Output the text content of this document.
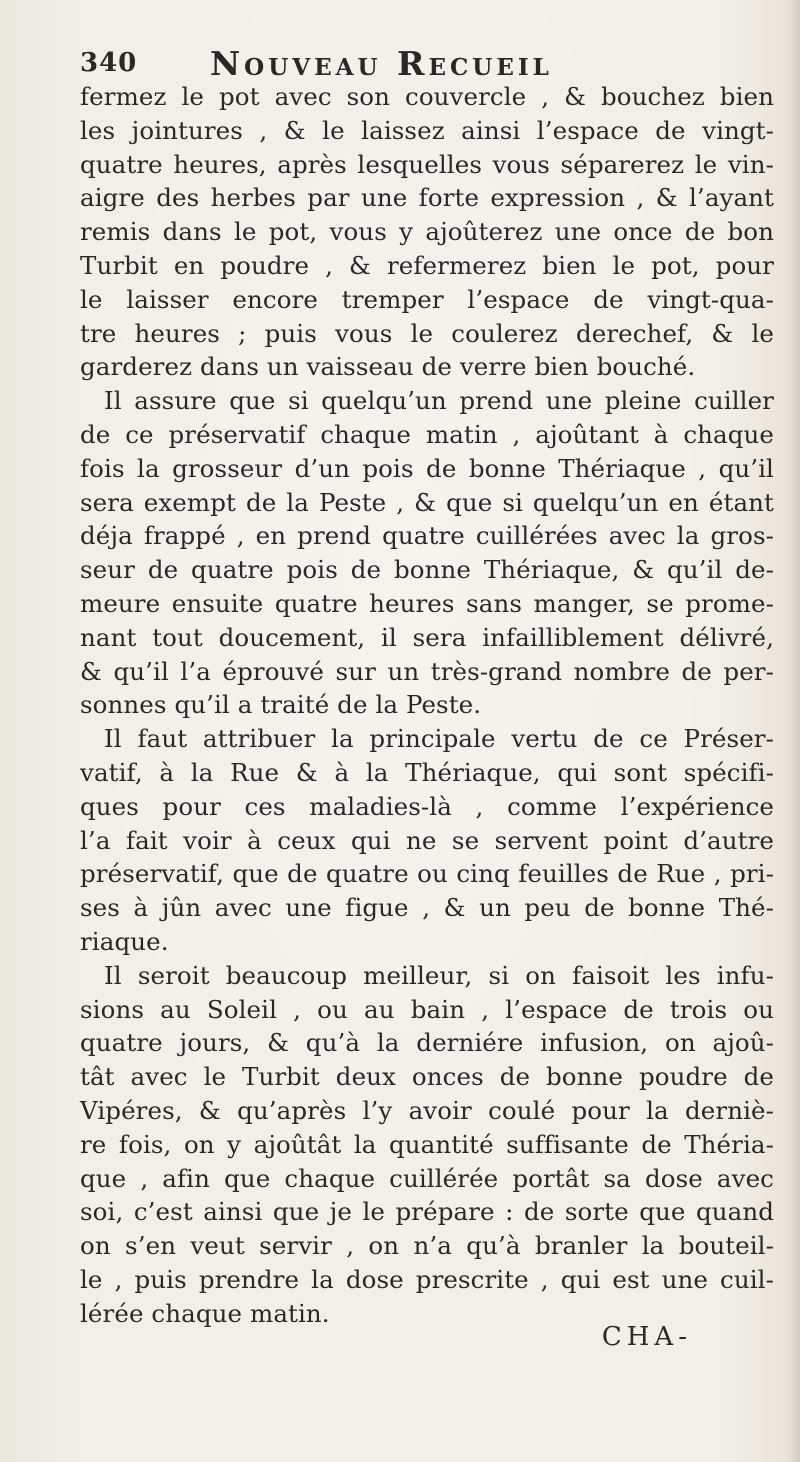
340 Nouveau Recueil
fermez le pot avec son couvercle , & bouchez bien
les jointures , & le laissez ainsi l’espace de vingt-
quatre heures, après lesquelles vous séparerez le vin-
aigre des herbes par une forte expression , & l’ayant
remis dans le pot, vous y ajoûterez une once de bon
Turbit en poudre , & refermerez bien le pot, pour
le laisser encore tremper l’espace de vingt-qua-
tre heures ; puis vous le coulerez derechef, & le
garderez dans un vaisseau de verre bien bouché.
Il assure que si quelqu’un prend une pleine cuiller
de ce préservatif chaque matin , ajoûtant à chaque
fois la grosseur d’un pois de bonne Thériaque , qu’il
sera exempt de la Peste , & que si quelqu’un en étant
déja frappé , en prend quatre cuillérées avec la gros-
seur de quatre pois de bonne Thériaque, & qu’il de-
meure ensuite quatre heures sans manger, se prome-
nant tout doucement, il sera infailliblement délivré,
& qu’il l’a éprouvé sur un très-grand nombre de per-
sonnes qu’il a traité de la Peste.
Il faut attribuer la principale vertu de ce Préser-
vatif, à la Rue & à la Thériaque, qui sont spécifi-
ques pour ces maladies-là , comme l’expérience
l’a fait voir à ceux qui ne se servent point d’autre
préservatif, que de quatre ou cinq feuilles de Rue , pri-
ses à jûn avec une figue , & un peu de bonne Thé-
riaque.
Il seroit beaucoup meilleur, si on faisoit les infu-
sions au Soleil , ou au bain , l’espace de trois ou
quatre jours, & qu’à la derniére infusion, on ajoû-
tât avec le Turbit deux onces de bonne poudre de
Vipéres, & qu’après l’y avoir coulé pour la derniè-
re fois, on y ajoûtât la quantité suffisante de Théria-
que , afin que chaque cuillérée portât sa dose avec
soi, c’est ainsi que je le prépare : de sorte que quand
on s’en veut servir , on n’a qu’à branler la bouteil-
le , puis prendre la dose prescrite , qui est une cuil-
lérée chaque matin.
CHA-
